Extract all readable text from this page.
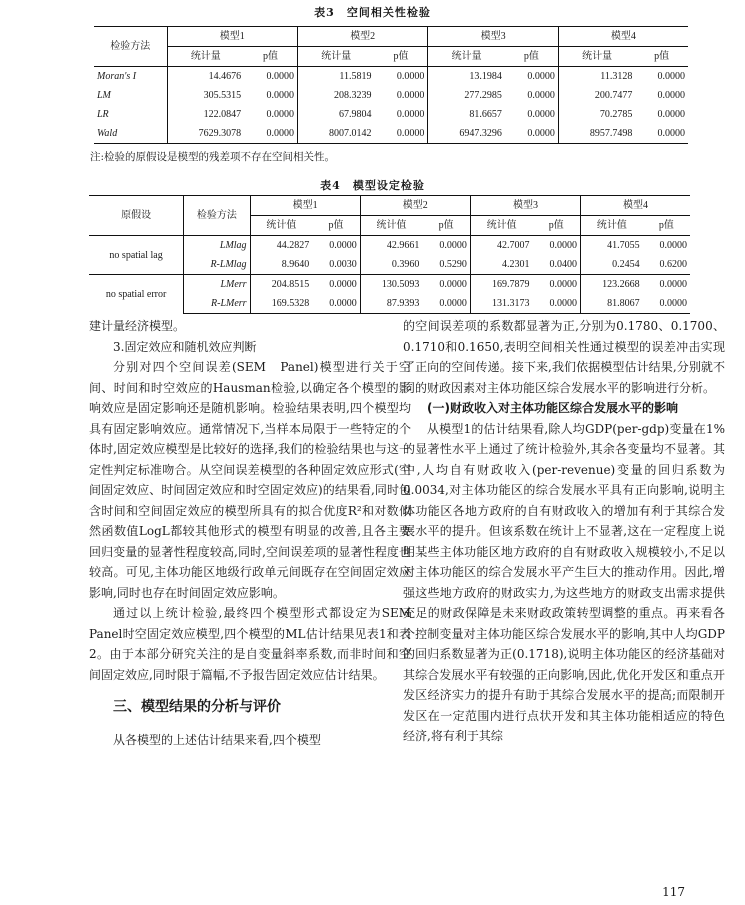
表3　空间相关性检验
检验方法	模型1		模型2		模型3		模型4	
	统计量	p值	统计量	p值	统计量	p值	统计量	p值
Moran's I	14.4676	0.0000	11.5819	0.0000	13.1984	0.0000	11.3128	0.0000
LM	305.5315	0.0000	208.3239	0.0000	277.2985	0.0000	200.7477	0.0000
LR	122.0847	0.0000	67.9804	0.0000	81.6657	0.0000	70.2785	0.0000
Wald	7629.3078	0.0000	8007.0142	0.0000	6947.3296	0.0000	8957.7498	0.0000
注:检验的原假设是模型的残差项不存在空间相关性。
表4　模型设定检验
原假设	检验方法	模型1		模型2		模型3		模型4	
		统计值	p值	统计值	p值	统计值	p值	统计值	p值
no spatial lag	LMlag	44.2827	0.0000	42.9661	0.0000	42.7007	0.0000	41.7055	0.0000
	R-LMlag	8.9640	0.0030	0.3960	0.5290	4.2301	0.0400	0.2454	0.6200
no spatial error	LMerr	204.8515	0.0000	130.5093	0.0000	169.7879	0.0000	123.2668	0.0000
	R-LMerr	169.5328	0.0000	87.9393	0.0000	131.3173	0.0000	81.8067	0.0000

建计量经济模型。

3.固定效应和随机效应判断

分别对四个空间误差(SEM　Panel)模型进行关于空间、时间和时空效应的Hausman检验,以确定各个模型的影响效应是固定影响还是随机影响。检验结果表明,四个模型均具有固定影响效应。通常情况下,当样本局限于一些特定的个体时,固定效应模型是比较好的选择,我们的检验结果也与这一定性判定标准吻合。从空间误差模型的各种固定效应形式(空间固定效应、时间固定效应和时空固定效应)的结果看,同时包含时间和空间固定效应的模型所具有的拟合优度R²和对数似然函数值LogL都较其他形式的模型有明显的改善,且各主要回归变量的显著性程度较高,同时,空间误差项的显著性程度也较高。可见,主体功能区地级行政单元间既存在空间固定效应影响,同时也存在时间固定效应影响。

通过以上统计检验,最终四个模型形式都设定为SEM Panel时空固定效应模型,四个模型的ML估计结果见表1和表2。由于本部分研究关注的是自变量斜率系数,而非时间和空间固定效应,同时限于篇幅,不予报告固定效应估计结果。

三、模型结果的分析与评价

从各模型的上述估计结果来看,四个模型

的空间误差项的系数都显著为正,分别为0.1780、0.1700、0.1710和0.1650,表明空间相关性通过模型的误差冲击实现了正向的空间传递。接下来,我们依据模型估计结果,分别就不同的财政因素对主体功能区综合发展水平的影响进行分析。

(一)财政收入对主体功能区综合发展水平的影响

从模型1的估计结果看,除人均GDP(per-gdp)变量在1%的显著性水平上通过了统计检验外,其余各变量均不显著。其中,人均自有财政收入(per-revenue)变量的回归系数为0.0034,对主体功能区的综合发展水平具有正向影响,说明主体功能区各地方政府的自有财政收入的增加有利于其综合发展水平的提升。但该系数在统计上不显著,这在一定程度上说明某些主体功能区地方政府的自有财政收入规模较小,不足以对主体功能区的综合发展水平产生巨大的推动作用。因此,增强这些地方政府的财政实力,为这些地方的财政支出需求提供充足的财政保障是未来财政政策转型调整的重点。再来看各个控制变量对主体功能区综合发展水平的影响,其中人均GDP的回归系数显著为正(0.1718),说明主体功能区的经济基础对其综合发展水平有较强的正向影响,因此,优化开发区和重点开发区经济实力的提升有助于其综合发展水平的提高;而限制开发区在一定范围内进行点状开发和其主体功能相适应的特色经济,将有利于其综

117
